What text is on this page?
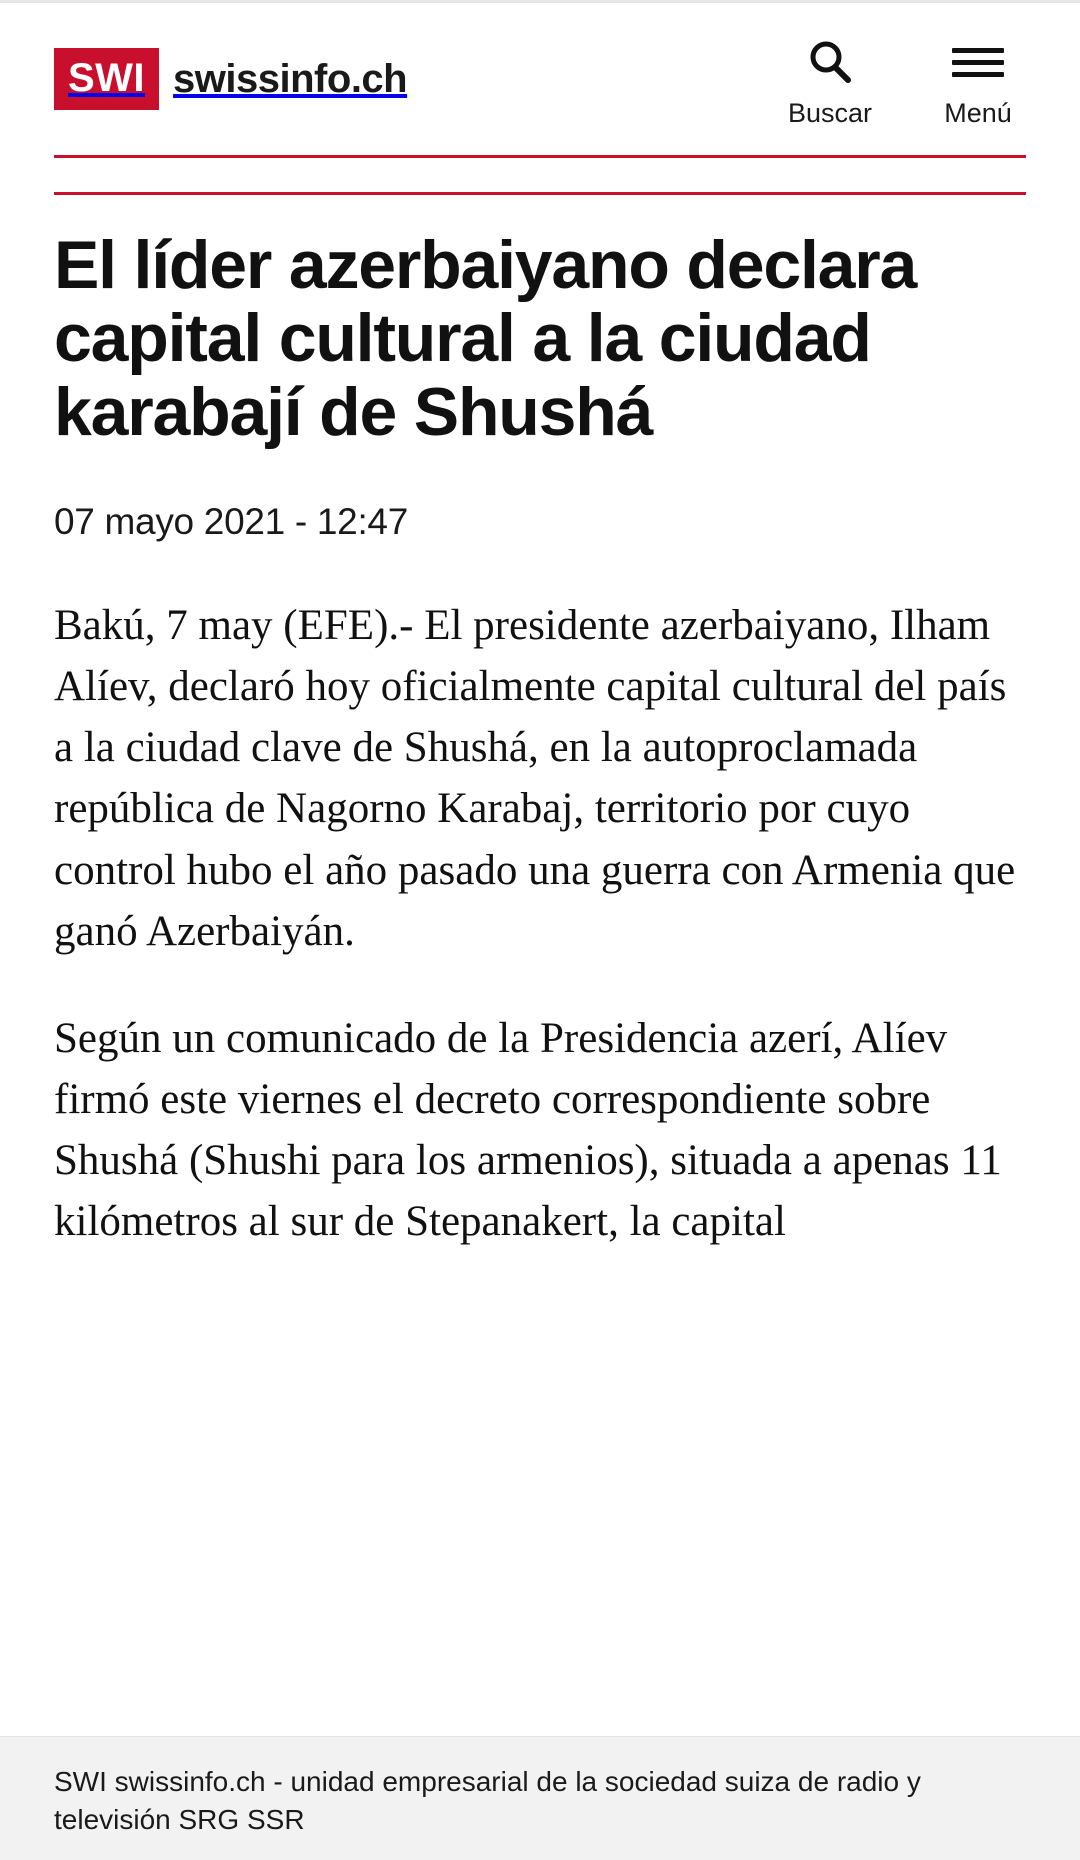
SWI swissinfo.ch
Buscar	Menú
El líder azerbaiyano declara capital cultural a la ciudad karabají de Shushá
07 mayo 2021 - 12:47

Bakú, 7 may (EFE).- El presidente azerbaiyano, Ilham Alíev, declaró hoy oficialmente capital cultural del país a la ciudad clave de Shushá, en la autoproclamada república de Nagorno Karabaj, territorio por cuyo control hubo el año pasado una guerra con Armenia que ganó Azerbaiyán.

Según un comunicado de la Presidencia azerí, Alíev firmó este viernes el decreto correspondiente sobre Shushá (Shushi para los armenios), situada a apenas 11 kilómetros al sur de Stepanakert, la capital

SWI swissinfo.ch - unidad empresarial de la sociedad suiza de radio y televisión SRG SSR
